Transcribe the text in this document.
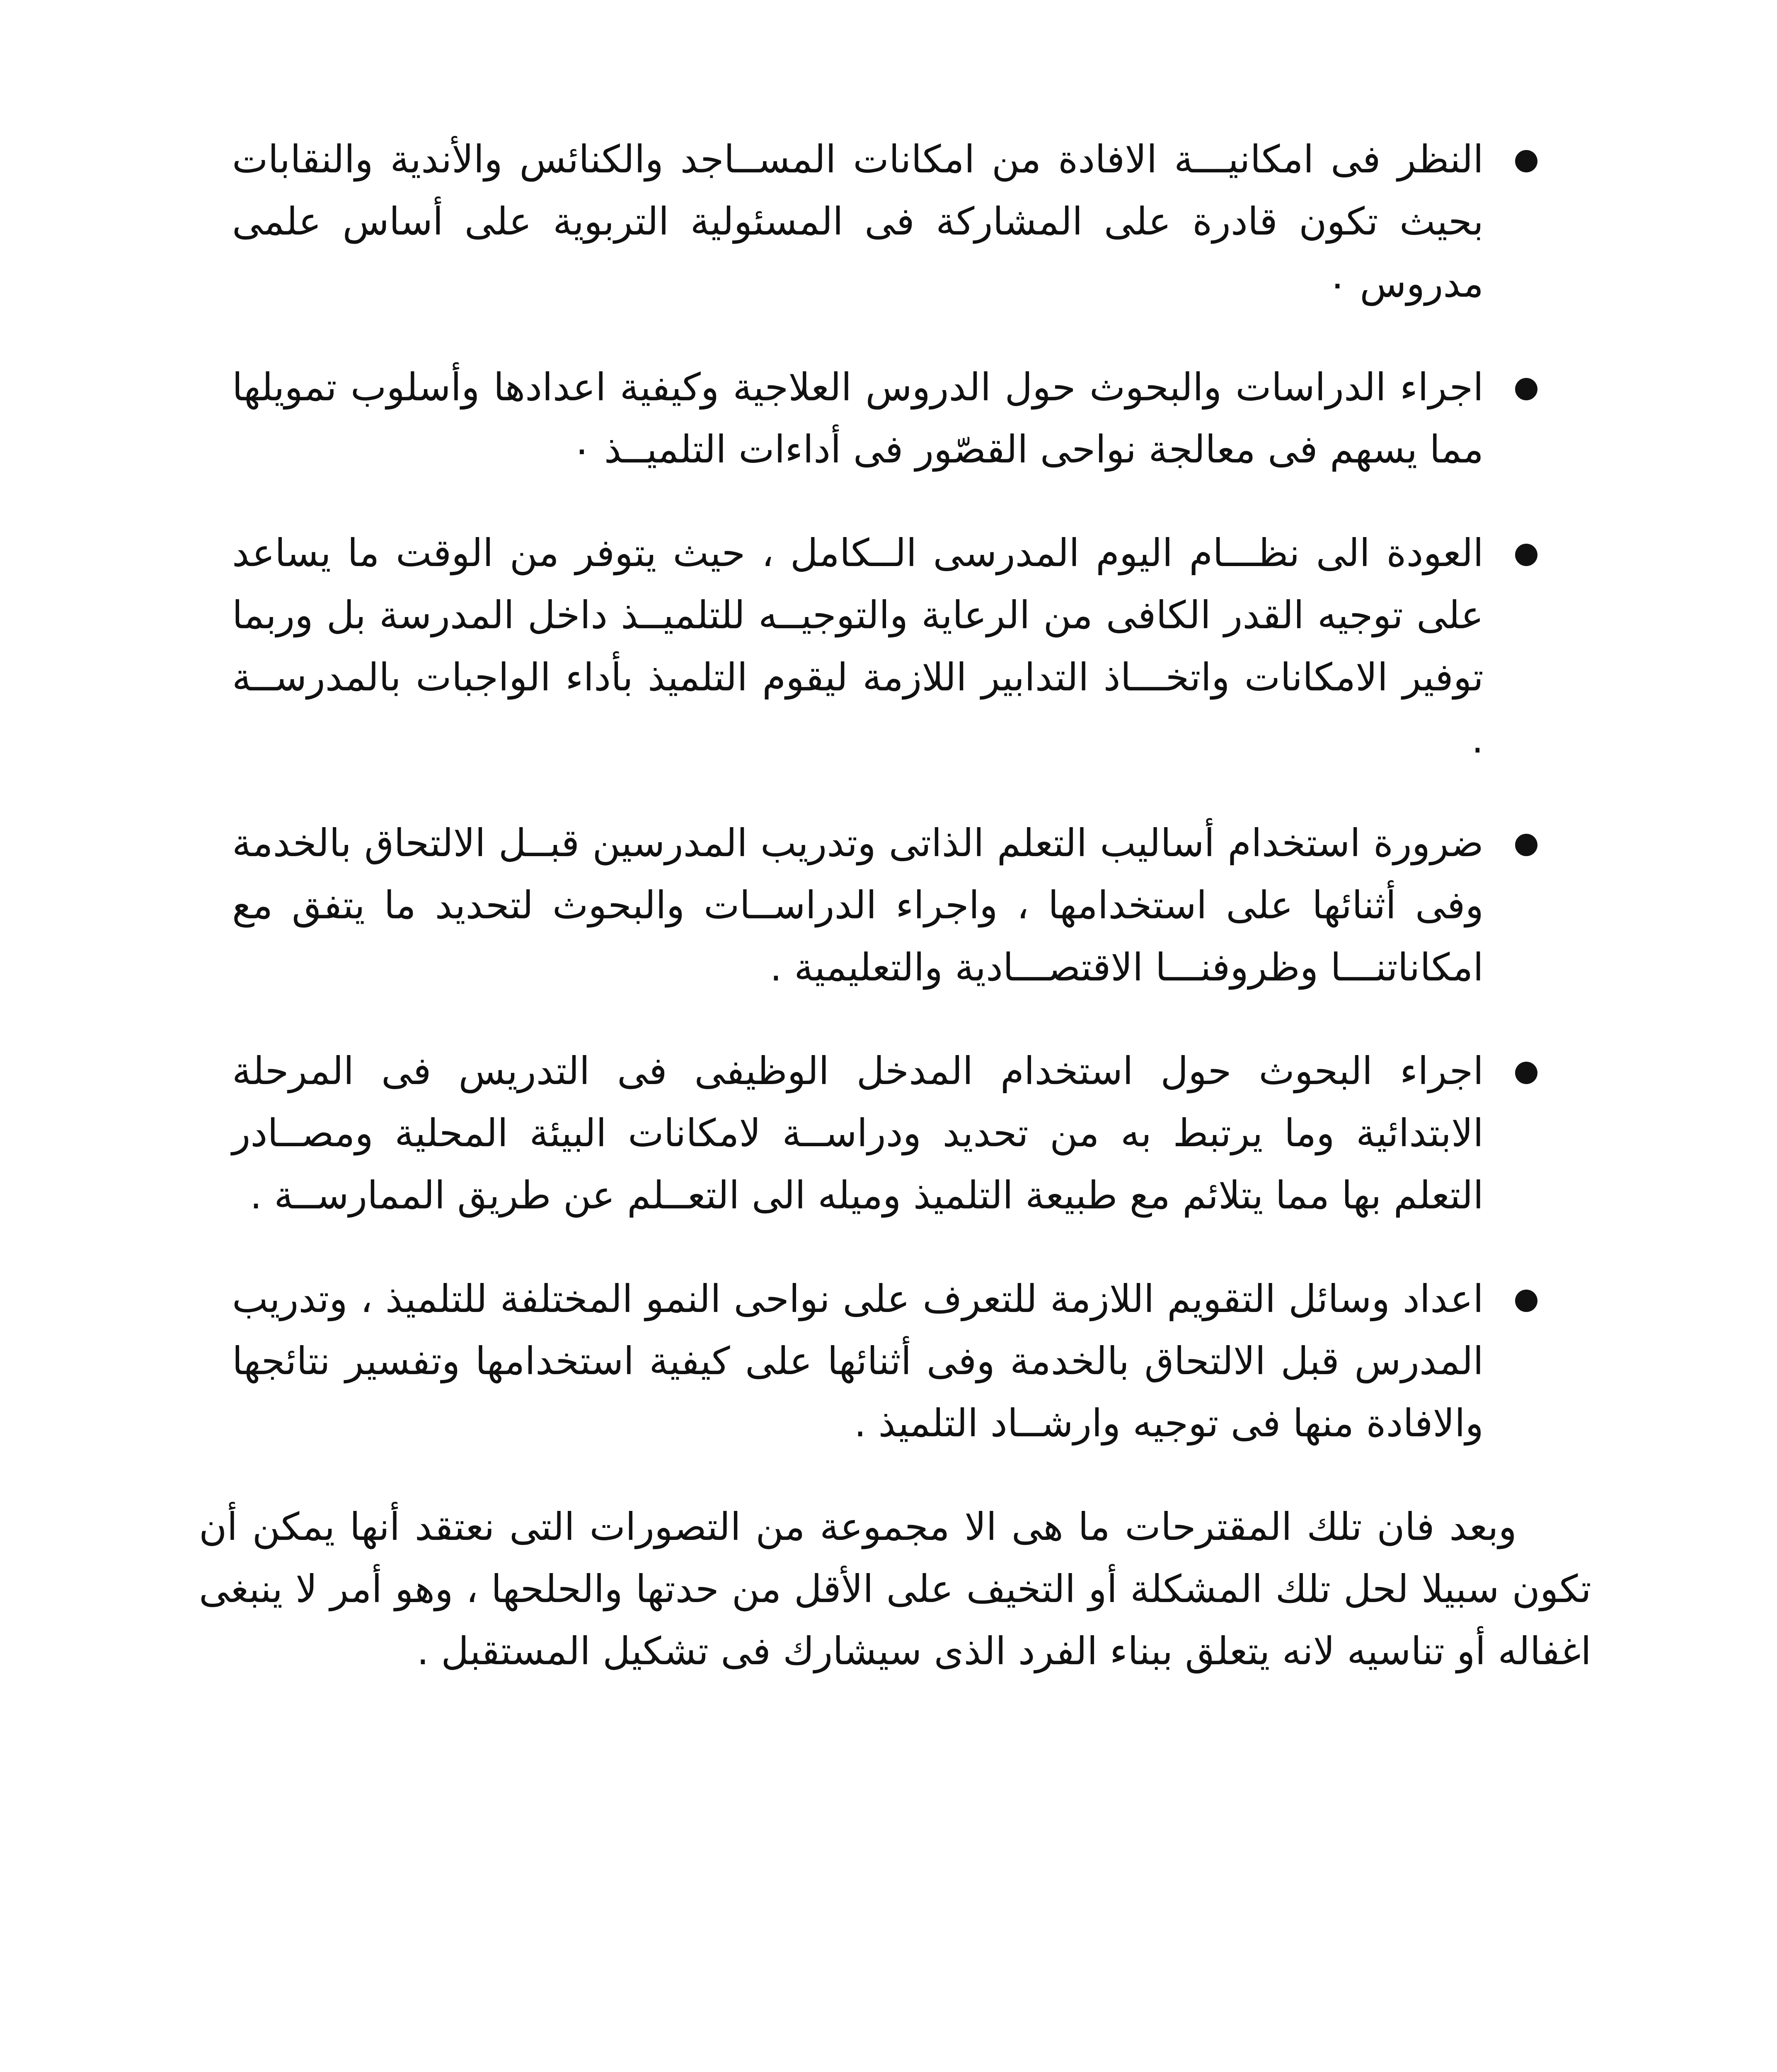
النظر فى امكانيـــة الافادة من امكانات المســاجد والكنائس والأندية والنقابات بحيث تكون قادرة على المشاركة فى المسئولية التربوية على أساس علمى مدروس ٠
اجراء الدراسات والبحوث حول الدروس العلاجية وكيفية اعدادها وأسلوب تمويلها مما يسهم فى معالجة نواحى القصّور فى أداءات التلميــذ ٠
العودة الى نظـــام اليوم المدرسى الــكامل ، حيث يتوفر من الوقت ما يساعد على توجيه القدر الكافى من الرعاية والتوجيــه للتلميــذ داخل المدرسة بل وربما توفير الامكانات واتخـــاذ التدابير اللازمة ليقوم التلميذ بأداء الواجبات بالمدرســة .
ضرورة استخدام أساليب التعلم الذاتى وتدريب المدرسين قبــل الالتحاق بالخدمة وفى أثنائها على استخدامها ، واجراء الدراســات والبحوث لتحديد ما يتفق مع امكاناتنـــا وظروفنـــا الاقتصـــادية والتعليمية .
اجراء البحوث حول استخدام المدخل الوظيفى فى التدريس فى المرحلة الابتدائية وما يرتبط به من تحديد ودراســة لامكانات البيئة المحلية ومصــادر التعلم بها مما يتلائم مع طبيعة التلميذ وميله الى التعــلم عن طريق الممارســة .
اعداد وسائل التقويم اللازمة للتعرف على نواحى النمو المختلفة للتلميذ ، وتدريب المدرس قبل الالتحاق بالخدمة وفى أثنائها على كيفية استخدامها وتفسير نتائجها والافادة منها فى توجيه وارشــاد التلميذ .

وبعد فان تلك المقترحات ما هى الا مجموعة من التصورات التى نعتقد أنها يمكن أن تكون سبيلا لحل تلك المشكلة أو التخيف على الأقل من حدتها والحلحها ، وهو أمر لا ينبغى اغفاله أو تناسيه لانه يتعلق ببناء الفرد الذى سيشارك فى تشكيل المستقبل .
